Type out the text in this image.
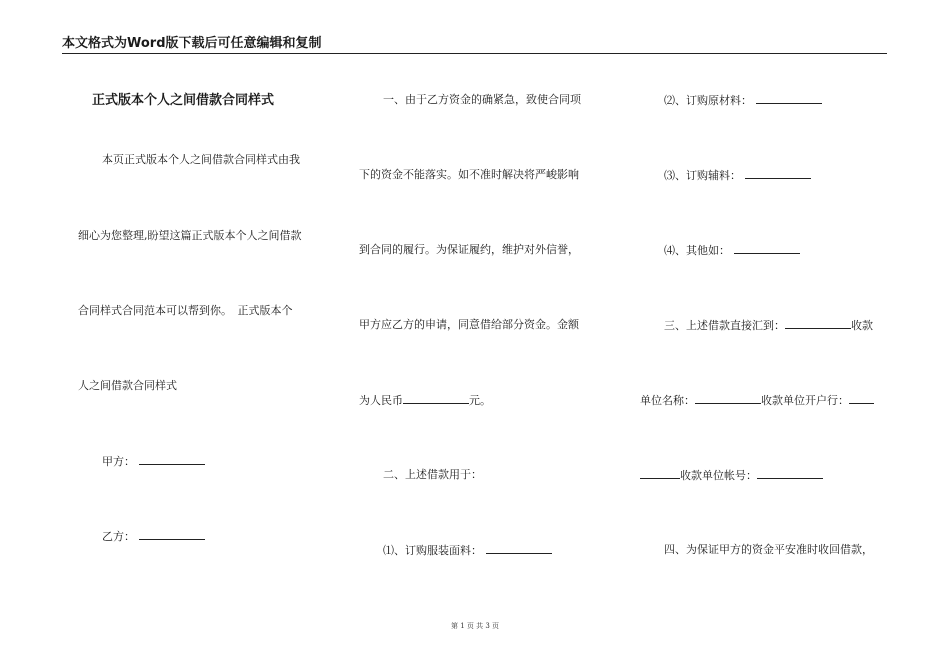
本文格式为Word版下载后可任意编辑和复制
正式版本个人之间借款合同样式
本页正式版本个人之间借款合同样式由我
细心为您整理,盼望这篇正式版本个人之间借款
合同样式合同范本可以帮到你。　正式版本个
人之间借款合同样式
甲方：
乙方：
一、由于乙方资金的确紧急，致使合同项
下的资金不能落实。如不准时解决将严峻影响
到合同的履行。为保证履约，维护对外信誉，
甲方应乙方的申请，同意借给部分资金。金额
为人民币	元。
二、上述借款用于：
⑴、订购服装面料：
⑵、订购原材料：
⑶、订购辅料：
⑷、其他如：
三、上述借款直接汇到：	收款
单位名称：	收款单位开户行：
收款单位帐号：
四、为保证甲方的资金平安准时收回借款，
第 1 页 共 3 页
